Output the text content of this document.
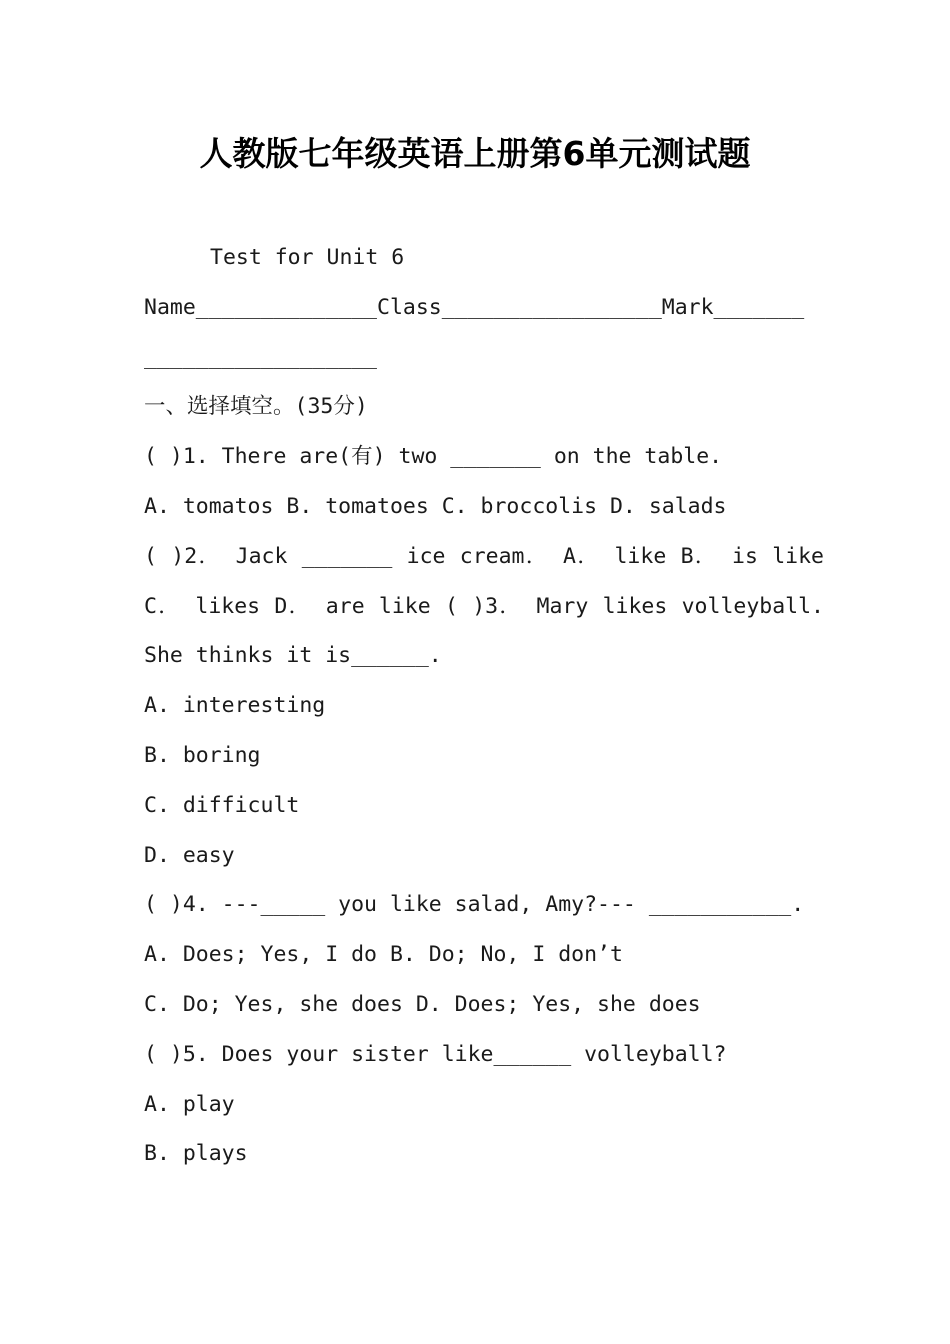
人教版七年级英语上册第6单元测试题
Test for Unit 6
Name______________Class_________________Mark_______
__________________
一、选择填空。(35分)
( )1. There are(有) two _______ on the table.
A. tomatos B. tomatoes C. broccolis D. salads
( )2． Jack _______ ice cream． A． like B． is like
C． likes D． are like ( )3． Mary likes volleyball.
She thinks it is______.
A. interesting
B. boring
C. difficult
D. easy
( )4. ---_____ you like salad, Amy?--- ___________.
A. Does; Yes, I do B. Do; No, I don’t
C. Do; Yes, she does D. Does; Yes, she does
( )5. Does your sister like______ volleyball?
A. play
B. plays
